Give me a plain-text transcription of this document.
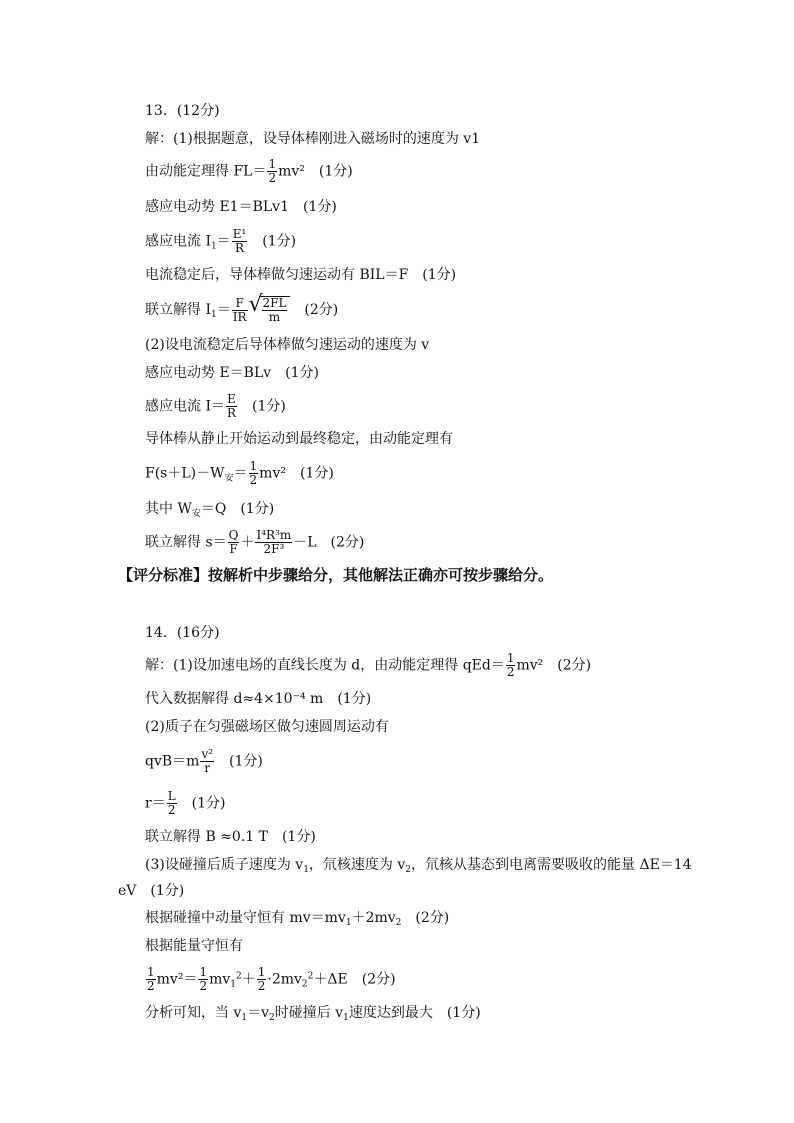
13．(12分)
解：(1)根据题意，设导体棒刚进入磁场时的速度为 v1
由动能定理得 $FL= \frac{1}{2} mv^2$　(1分)
感应电动势 E1＝BLv1　(1分)
感应电流 $I_1= \frac{\text{E¹}}{R}$ 　(1分)
电流稳定后，导体棒做匀速运动有 BIL＝F　(1分)
联立解得 $I_1= \frac{F}{IR}$ √
$\frac{2FL}{m}$ 　(2分)
(2)设电流稳定后导体棒做匀速运动的速度为 v
感应电动势 E＝BLv　(1分)
感应电流 $I= \frac{E}{R}$ 　(1分)
导体棒从静止开始运动到最终稳定，由动能定理有
$F(s+L)-W_安= \frac{1}{2} mv^2$　(1分)
其中 $W_安=Q$　(1分)
联立解得 $s= \frac{Q}{F} + \frac{\text{I⁴R³m}}{\text{2F³}} -L$　(2分)
【评分标准】按解析中步骤给分，其他解法正确亦可按步骤给分。
14．(16分)
解：(1)设加速电场的直线长度为 d，由动能定理得 $qEd= \frac{1}{2} mv^2$　(2分)
代入数据解得 d≈4×10⁻⁴ m　(1分)
(2)质子在匀强磁场区做匀速圆周运动有
$qvB=m \frac{\text{v²}}{r}$ 　(1分)
$r= \frac{L}{2}$ 　(1分)
联立解得 B ≈0.1 T　(1分)
(3)设碰撞后质子速度为 $v_1$，氘核速度为 $v_2$，氘核从基态到电离需要吸收的能量 ΔE＝14
eV　(1分)
根据碰撞中动量守恒有 $mv=mv_1+2mv_2$　(2分)
根据能量守恒有
$\frac{1}{2} mv^2= \frac{1}{2} mv_1^2+ \frac{1}{2} \cdot 2mv_2^2+\Delta E$　(2分)
分析可知，当 $v_1=v_2$时碰撞后 $v_1$速度达到最大　(1分)
